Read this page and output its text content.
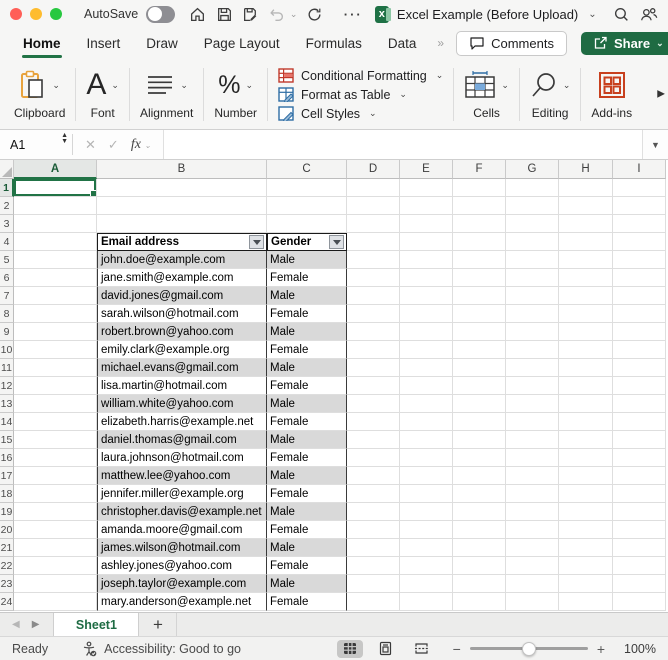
AutoSave	⌄	···	x Excel Example (Before Upload) ⌄
Home	Insert	Draw	Page Layout	Formulas	Data	»	Comments	Share ⌄
⌄
Clipboard
A ⌄
Font
⌄
Alignment
% ⌄
Number
Conditional Formatting ⌄
Format as Table ⌄
Cell Styles ⌄
⌄
Cells
⌄
Editing Add-ins
▶
A1
▲
▼ ✕ ✓ fx ⌄	▼
A	B	C	D	E	F	G	H	I
1
2
3
4	Email address	Gender
5	john.doe@example.com	Male
6	jane.smith@example.com	Female
7	david.jones@gmail.com	Male
8	sarah.wilson@hotmail.com	Female
9	robert.brown@yahoo.com	Male
10	emily.clark@example.org	Female
11	michael.evans@gmail.com	Male
12	lisa.martin@hotmail.com	Female
13	william.white@yahoo.com	Male
14	elizabeth.harris@example.net	Female
15	daniel.thomas@gmail.com	Male
16	laura.johnson@hotmail.com	Female
17	matthew.lee@yahoo.com	Male
18	jennifer.miller@example.org	Female
19	christopher.davis@example.net Male
20	amanda.moore@gmail.com	Female
21	james.wilson@hotmail.com	Male
22	ashley.jones@yahoo.com	Female
23	joseph.taylor@example.com	Male
24	mary.anderson@example.net	Female
◀ ▶	Sheet1	+
Ready	Accessibility: Good to go	−	+	100%
